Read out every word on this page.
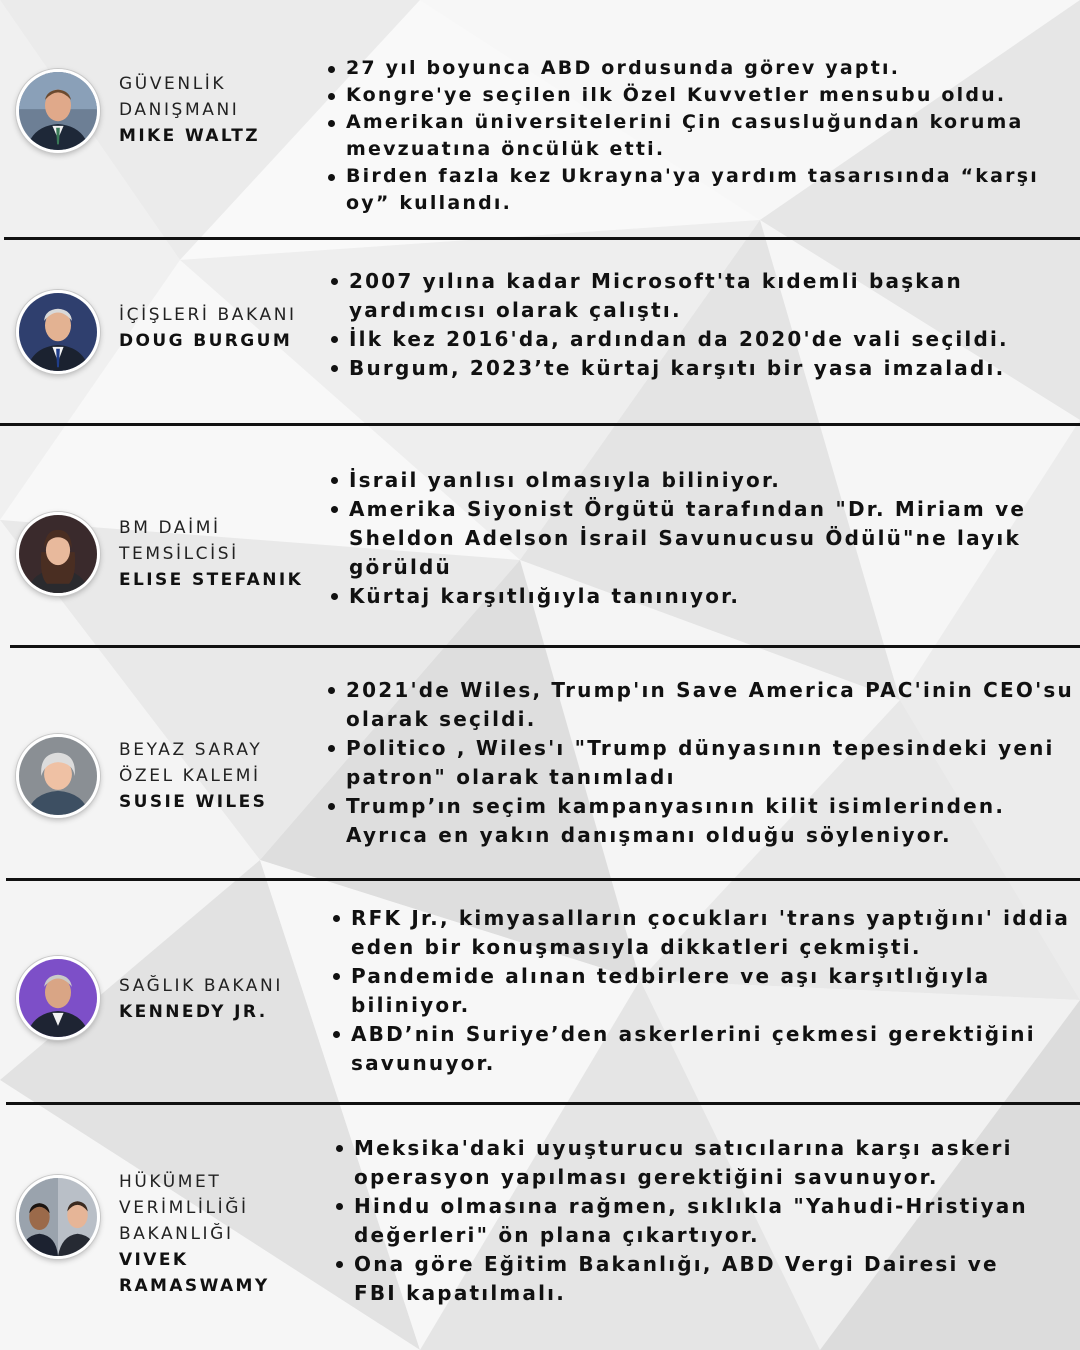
GÜVENLİK
DANIŞMANI
MIKE WALTZ
27 yıl boyunca ABD ordusunda görev yaptı.
Kongre'ye seçilen ilk Özel Kuvvetler mensubu oldu.
Amerikan üniversitelerini Çin casusluğundan koruma mevzuatına öncülük etti.
Birden fazla kez Ukrayna'ya yardım tasarısında “karşı oy” kullandı.
İÇİŞLERİ BAKANI
DOUG BURGUM
2007 yılına kadar Microsoft'ta kıdemli başkan yardımcısı olarak çalıştı.
İlk kez 2016'da, ardından da 2020'de vali seçildi.
Burgum, 2023’te kürtaj karşıtı bir yasa imzaladı.
BM DAİMİ
TEMSİLCİSİ
ELISE STEFANIK
İsrail yanlısı olmasıyla biliniyor.
Amerika Siyonist Örgütü tarafından "Dr. Miriam ve Sheldon Adelson İsrail Savunucusu Ödülü"ne layık görüldü
Kürtaj karşıtlığıyla tanınıyor.
BEYAZ SARAY
ÖZEL KALEMİ
SUSIE WILES
2021'de Wiles, Trump'ın Save America PAC'inin CEO'su olarak seçildi.
Politico , Wiles'ı "Trump dünyasının tepesindeki yeni patron" olarak tanımladı
Trump’ın seçim kampanyasının kilit isimlerinden. Ayrıca en yakın danışmanı olduğu söyleniyor.
SAĞLIK BAKANI
KENNEDY JR.
RFK Jr., kimyasalların çocukları 'trans yaptığını' iddia eden bir konuşmasıyla dikkatleri çekmişti.
Pandemide alınan tedbirlere ve aşı karşıtlığıyla biliniyor.
ABD’nin Suriye’den askerlerini çekmesi gerektiğini savunuyor.
HÜKÜMET
VERİMLİLİĞİ
BAKANLIĞI
VIVEK
RAMASWAMY
Meksika'daki uyuşturucu satıcılarına karşı askeri operasyon yapılması gerektiğini savunuyor.
Hindu olmasına rağmen, sıklıkla "Yahudi-Hristiyan değerleri" ön plana çıkartıyor.
Ona göre Eğitim Bakanlığı, ABD Vergi Dairesi ve FBI kapatılmalı.
